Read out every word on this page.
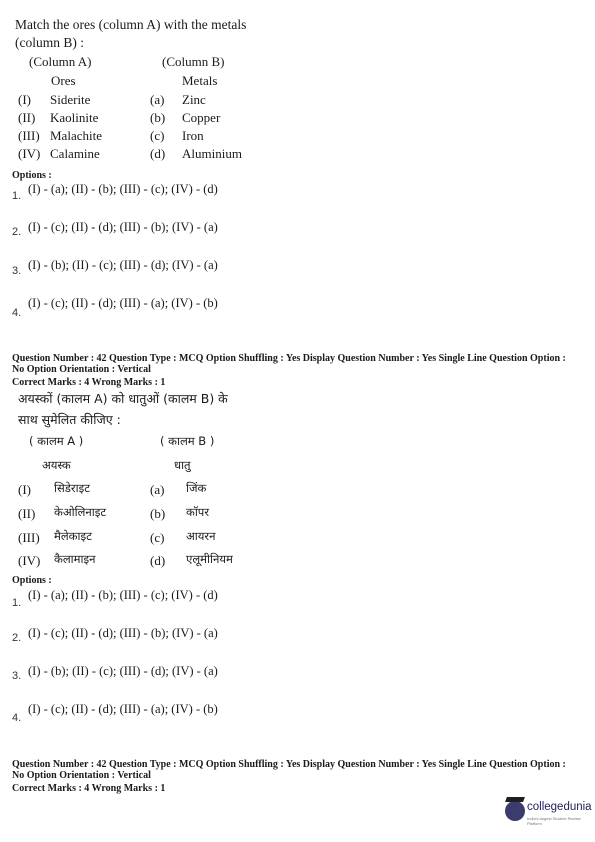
Match the ores (column A) with the metals
(column B) :
(Column A)	(Column B)
Ores	Metals
(I) Siderite	(a) Zinc
(II) Kaolinite	(b) Copper
(III) Malachite	(c) Iron
(IV) Calamine	(d) Aluminium
Options :
1. (I) - (a); (II) - (b); (III) - (c); (IV) - (d)
2. (I) - (c); (II) - (d); (III) - (b); (IV) - (a)
3. (I) - (b); (II) - (c); (III) - (d); (IV) - (a)
4.
(I) - (c); (II) - (d); (III) - (a); (IV) - (b)
Question Number : 42 Question Type : MCQ Option Shuffling : Yes Display Question Number : Yes Single Line Question Option :
No Option Orientation : Vertical
Correct Marks : 4 Wrong Marks : 1
अयस्कों (कालम A) को धातुओं (कालम B) के
साथ सुमेलित कीजिए :
( कालम A )	( कालम B )
अयस्क	धातु
(I) सिडेराइट	(a) जिंक
(II) केओलिनाइट	(b) कॉपर
(III) मैलेकाइट	(c) आयरन
(IV) कैलामाइन	(d) एलूमीनियम
Options :
1.
(I) - (a); (II) - (b); (III) - (c); (IV) - (d)
2. (I) - (c); (II) - (d); (III) - (b); (IV) - (a)
3. (I) - (b); (II) - (c); (III) - (d); (IV) - (a)
4.
(I) - (c); (II) - (d); (III) - (a); (IV) - (b)
Question Number : 42 Question Type : MCQ Option Shuffling : Yes Display Question Number : Yes Single Line Question Option :
No Option Orientation : Vertical
Correct Marks : 4 Wrong Marks : 1
collegedunia
India's largest Student Review Platform
